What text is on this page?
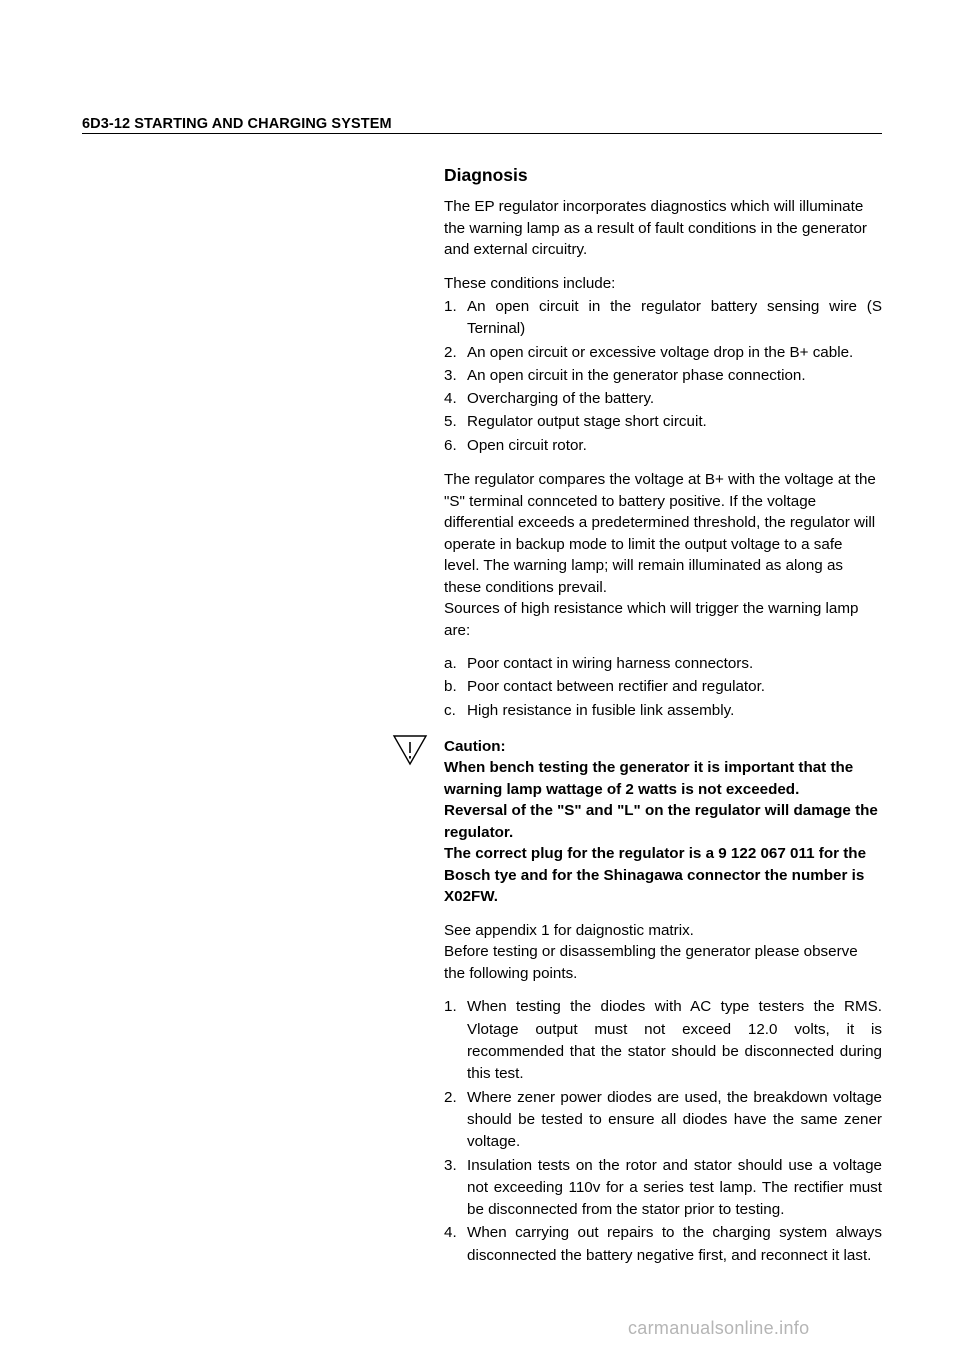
6D3-12 STARTING AND CHARGING SYSTEM
Diagnosis

The EP regulator incorporates diagnostics which will illuminate the warning lamp as a result of fault conditions in the generator and external circuitry.

These conditions include:

1. An open circuit in the regulator battery sensing wire (S Terninal)
2. An open circuit or excessive voltage drop in the B+ cable.
3. An open circuit in the generator phase connection.
4. Overcharging of the battery.
5. Regulator output stage short circuit.
6. Open circuit rotor.

The regulator compares the voltage at B+ with the voltage at the "S" terminal connceted to battery positive. If the voltage differential exceeds a predetermined threshold, the regulator will operate in backup mode to limit the output voltage to a safe level. The warning lamp; will remain illuminated as along as these conditions prevail.

Sources of high resistance which will trigger the warning lamp are:

a. Poor contact in wiring harness connectors.
b. Poor contact between rectifier and regulator.
c. High resistance in fusible link assembly.

Caution:

When bench testing the generator it is important that the warning lamp wattage of 2 watts is not exceeded.

Reversal of the "S" and "L" on the regulator will damage the regulator.

The correct plug for the regulator is a 9 122 067 011 for the Bosch tye and for the Shinagawa connector the number is X02FW.

See appendix 1 for daignostic matrix.

Before testing or disassembling the generator please observe the following points.

1. When testing the diodes with AC type testers the RMS. Vlotage output must not exceed 12.0 volts, it is recommended that the stator should be disconnected during this test.
2. Where zener power diodes are used, the breakdown voltage should be tested to ensure all diodes have the same zener voltage.
3. Insulation tests on the rotor and stator should use a voltage not exceeding 110v for a series test lamp. The rectifier must be disconnected from the stator prior to testing.
4. When carrying out repairs to the charging system always disconnected the battery negative first, and reconnect it last.
carmanualsonline.info
